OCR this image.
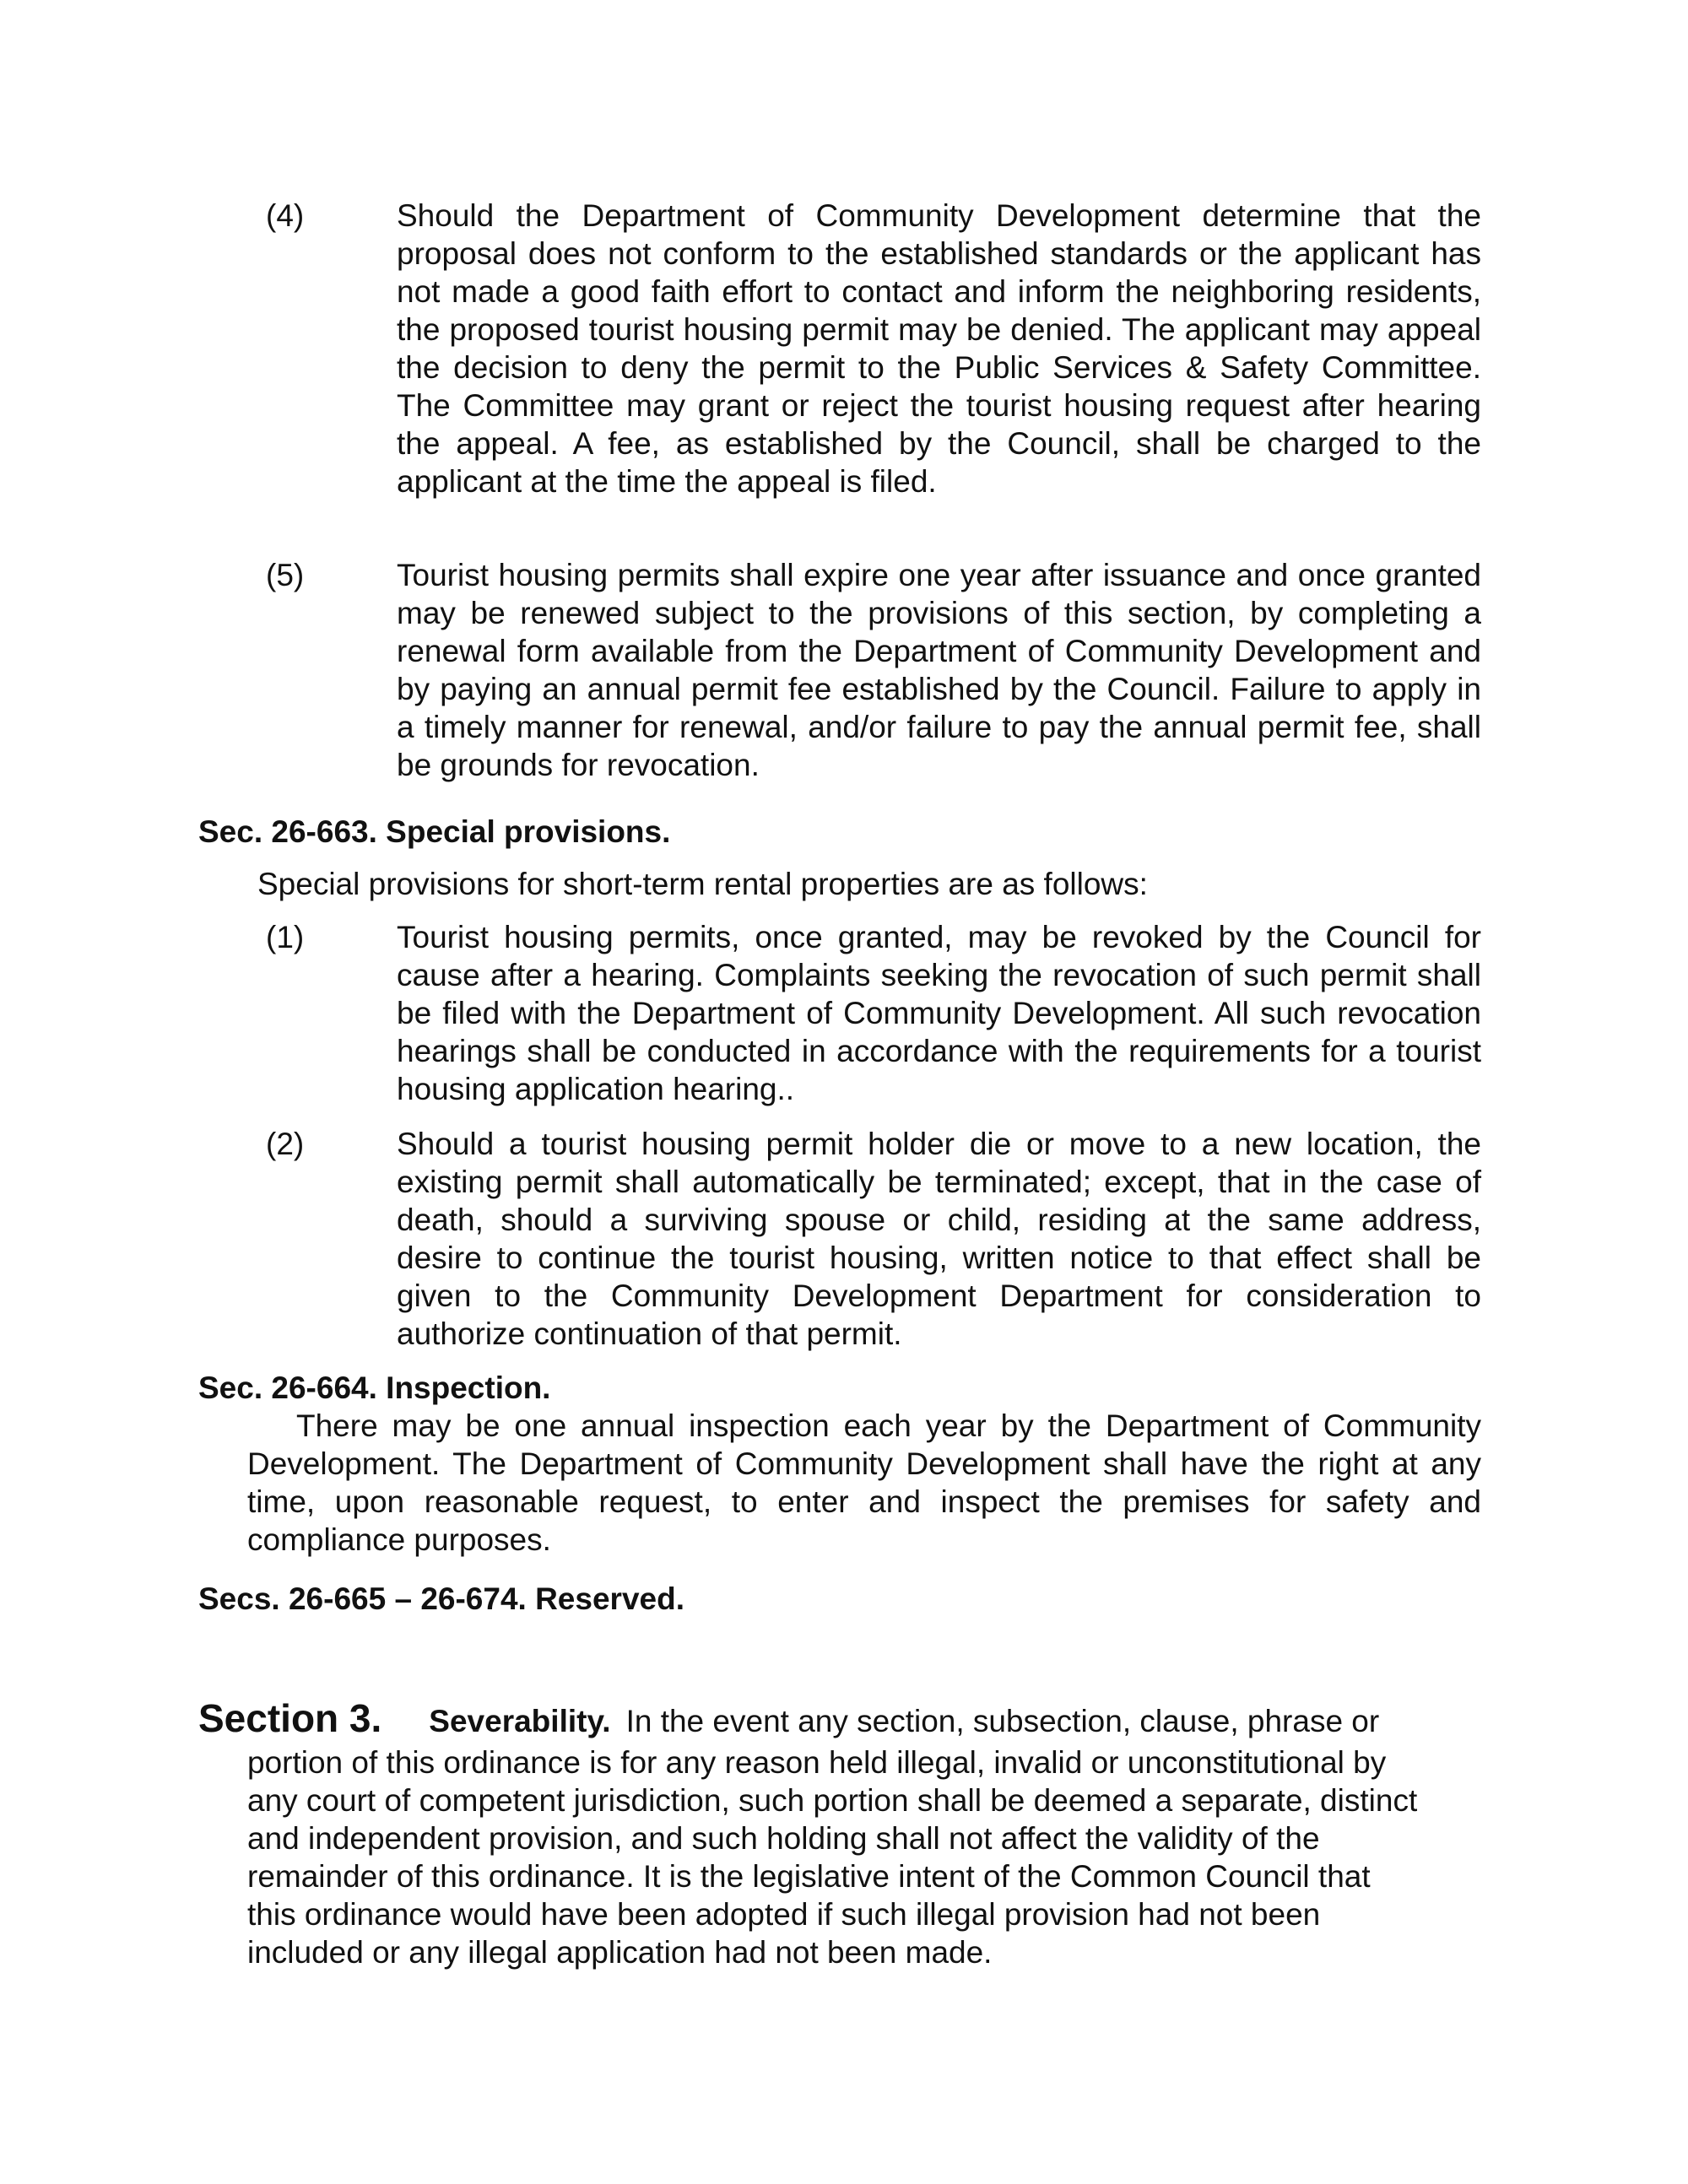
(4)	Should the Department of Community Development determine that the proposal does not conform to the established standards or the applicant has not made a good faith effort to contact and inform the neighboring residents, the proposed tourist housing permit may be denied. The applicant may appeal the decision to deny the permit to the Public Services & Safety Committee. The Committee may grant or reject the tourist housing request after hearing the appeal. A fee, as established by the Council, shall be charged to the applicant at the time the appeal is filed.
(5)	Tourist housing permits shall expire one year after issuance and once granted may be renewed subject to the provisions of this section, by completing a renewal form available from the Department of Community Development and by paying an annual permit fee established by the Council. Failure to apply in a timely manner for renewal, and/or failure to pay the annual permit fee, shall be grounds for revocation.
Sec. 26-663. Special provisions.
Special provisions for short-term rental properties are as follows:
(1)	Tourist housing permits, once granted, may be revoked by the Council for cause after a hearing. Complaints seeking the revocation of such permit shall be filed with the Department of Community Development. All such revocation hearings shall be conducted in accordance with the requirements for a tourist housing application hearing..
(2)	Should a tourist housing permit holder die or move to a new location, the existing permit shall automatically be terminated; except, that in the case of death, should a surviving spouse or child, residing at the same address, desire to continue the tourist housing, written notice to that effect shall be given to the Community Development Department for consideration to authorize continuation of that permit.
Sec. 26-664. Inspection.
There may be one annual inspection each year by the Department of Community Development. The Department of Community Development shall have the right at any time, upon reasonable request, to enter and inspect the premises for safety and compliance purposes.
Secs. 26-665 – 26-674. Reserved.
Section 3. Severability. In the event any section, subsection, clause, phrase or
portion of this ordinance is for any reason held illegal, invalid or unconstitutional by
any court of competent jurisdiction, such portion shall be deemed a separate, distinct
and independent provision, and such holding shall not affect the validity of the
remainder of this ordinance. It is the legislative intent of the Common Council that
this ordinance would have been adopted if such illegal provision had not been
included or any illegal application had not been made.
